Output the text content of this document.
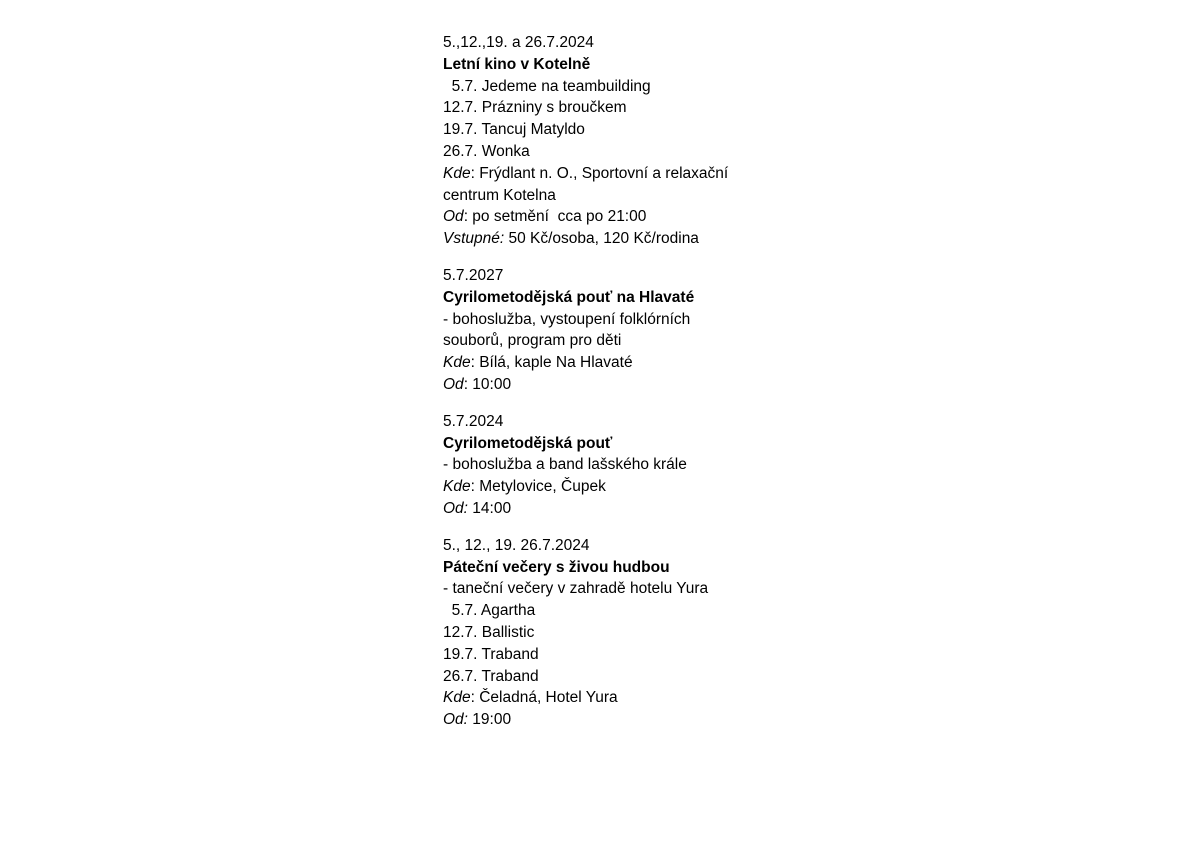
5.,12.,19. a 26.7.2024
Letní kino v Kotelně
5.7. Jedeme na teambuilding
12.7. Prázniny s broučkem
19.7. Tancuj Matyldo
26.7. Wonka
Kde: Frýdlant n. O., Sportovní a relaxační
centrum Kotelna
Od: po setmění  cca po 21:00
Vstupné: 50 Kč/osoba, 120 Kč/rodina
5.7.2027
Cyrilometodějská pouť na Hlavaté
- bohoslužba, vystoupení folklórních
souborů, program pro děti
Kde: Bílá, kaple Na Hlavaté
Od: 10:00
5.7.2024
Cyrilometodějská pouť
- bohoslužba a band lašského krále
Kde: Metylovice, Čupek
Od: 14:00
5., 12., 19. 26.7.2024
Páteční večery s živou hudbou
- taneční večery v zahradě hotelu Yura
5.7. Agartha
12.7. Ballistic
19.7. Traband
26.7. Traband
Kde: Čeladná, Hotel Yura
Od: 19:00
